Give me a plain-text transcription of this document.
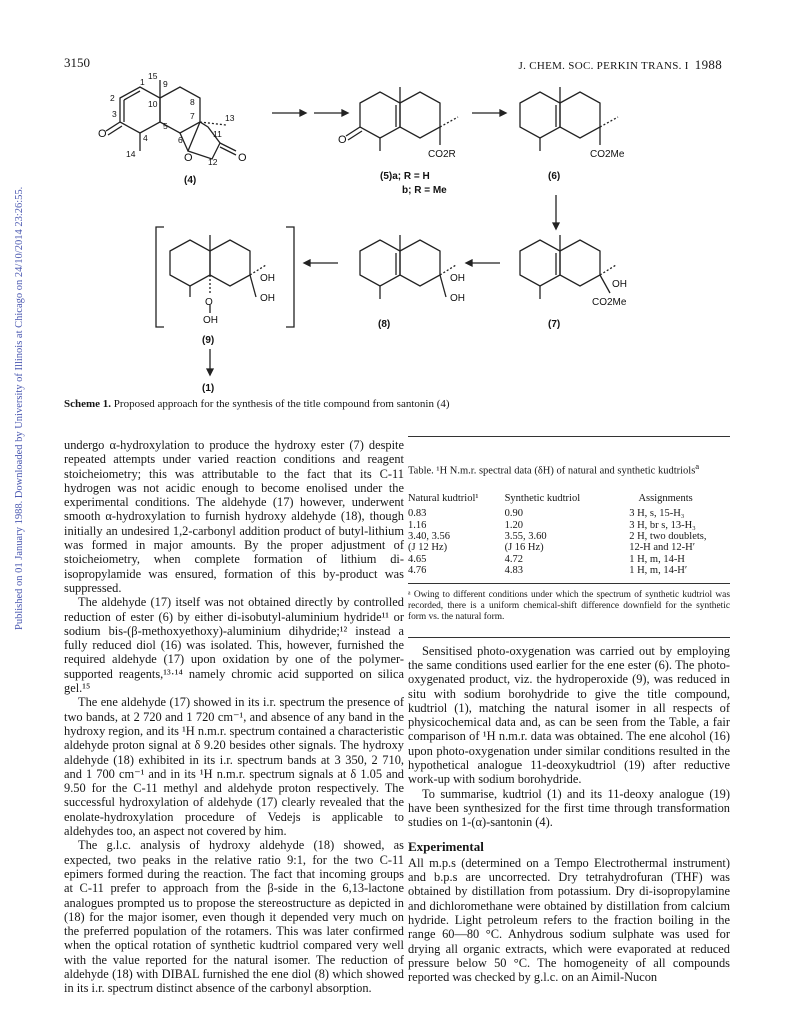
3150	J. CHEM. SOC. PERKIN TRANS. I 1988
Published on 01 January 1988. Downloaded by University of Illinois at Chicago on 24/10/2014 23:26:55.
15
9
1
2
10	8
3	7	13
5
11
O	4	6
14
12
O	O
(4)
O
CO2R
(5)a; R = H
b; R = Me
CO2Me
(6)
OH
CO2Me
(7)
OH
OH
(8)
O
OH
OH
OH
(9)
(1)
Scheme 1. Proposed approach for the synthesis of the title compound from santonin (4)

undergo α-hydroxylation to produce the hydroxy ester (7) despite repeated attempts under varied reaction conditions and reagent stoicheiometry; this was attributable to the fact that its C-11 hydrogen was not acidic enough to become enolised under the experimental conditions. The aldehyde (17) however, underwent smooth α-hydroxylation to furnish hydroxy aldehyde (18), though initially an undesired 1,2-carbonyl addition product of butyl-lithium was formed in major amounts. By the proper adjustment of stoicheiometry, when complete formation of lithium di-isopropylamide was ensured, formation of this by-product was suppressed.

The aldehyde (17) itself was not obtained directly by controlled reduction of ester (6) by either di-isobutyl-aluminium hydride¹¹ or sodium bis-(β-methoxyethoxy)-aluminium dihydride;¹² instead a fully reduced diol (16) was isolated. This, however, furnished the required aldehyde (17) upon oxidation by one of the polymer-supported reagents,¹³·¹⁴ namely chromic acid supported on silica gel.¹⁵

The ene aldehyde (17) showed in its i.r. spectrum the presence of two bands, at 2 720 and 1 720 cm⁻¹, and absence of any band in the hydroxy region, and its ¹H n.m.r. spectrum contained a characteristic aldehyde proton signal at δ 9.20 besides other signals. The hydroxy aldehyde (18) exhibited in its i.r. spectrum bands at 3 350, 2 710, and 1 700 cm⁻¹ and in its ¹H n.m.r. spectrum signals at δ 1.05 and 9.50 for the C-11 methyl and aldehyde proton respectively. The successful hydroxylation of aldehyde (17) clearly revealed that the enolate-hydroxylation procedure of Vedejs is applicable to aldehydes too, an aspect not covered by him.

The g.l.c. analysis of hydroxy aldehyde (18) showed, as expected, two peaks in the relative ratio 9:1, for the two C-11 epimers formed during the reaction. The fact that incoming groups at C-11 prefer to approach from the β-side in the 6,13-lactone analogues prompted us to propose the stereostructure as depicted in (18) for the major isomer, even though it depended very much on the preferred population of the rotamers. This was later confirmed when the optical rotation of synthetic kudtriol compared very well with the value reported for the natural isomer. The reduction of aldehyde (18) with DIBAL furnished the ene diol (8) which showed in its i.r. spectrum distinct absence of the carbonyl absorption.

Table. ¹H N.m.r. spectral data (δH) of natural and synthetic kudtriols$^a$
Natural kudtriol¹	Synthetic kudtriol	Assignments

0.83	0.90	3 H, s, 15-H₃
1.16	1.20	3 H, br s, 13-H₃
3.40, 3.56	3.55, 3.60	2 H, two doublets,
(J 12 Hz)	(J 16 Hz)	12-H and 12-H′
4.65	4.72	1 H, m, 14-H
4.76	4.83	1 H, m, 14-H′
ᵃ Owing to different conditions under which the spectrum of synthetic kudtriol was recorded, there is a uniform chemical-shift difference downfield for the synthetic form vs. the natural form.

Sensitised photo-oxygenation was carried out by employing the same conditions used earlier for the ene ester (6). The photo-oxygenated product, viz. the hydroperoxide (9), was reduced in situ with sodium borohydride to give the title compound, kudtriol (1), matching the natural isomer in all respects of physicochemical data and, as can be seen from the Table, a fair comparison of ¹H n.m.r. data was obtained. The ene alcohol (16) upon photo-oxygenation under similar conditions resulted in the hypothetical analogue 11-deoxykudtriol (19) after reductive work-up with sodium borohydride.

To summarise, kudtriol (1) and its 11-deoxy analogue (19) have been synthesized for the first time through transformation studies on 1-(α)-santonin (4).

Experimental

All m.p.s (determined on a Tempo Electrothermal instrument) and b.p.s are uncorrected. Dry tetrahydrofuran (THF) was obtained by distillation from potassium. Dry di-isopropylamine and dichloromethane were obtained by distillation from calcium hydride. Light petroleum refers to the fraction boiling in the range 60—80 °C. Anhydrous sodium sulphate was used for drying all organic extracts, which were evaporated at reduced pressure below 50 °C. The homogeneity of all compounds reported was checked by g.l.c. on an Aimil-Nucon
